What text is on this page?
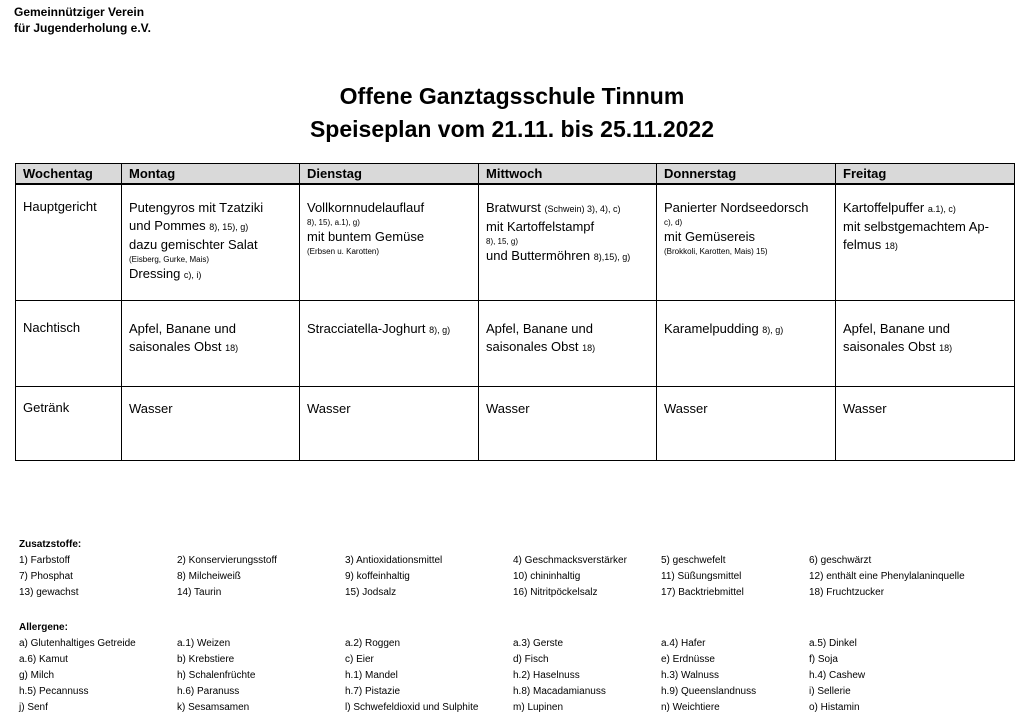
Gemeinnütziger Verein
für Jugenderholung e.V.
Offene Ganztagsschule Tinnum
Speiseplan vom 21.11. bis 25.11.2022
Wochentag	Montag	Dienstag	Mittwoch	Donnerstag	Freitag
Hauptgericht	Putengyros mit Tzatziki
und Pommes 8), 15), g)
dazu gemischter Salat
(Eisberg, Gurke, Mais)
Dressing c), i)	Vollkornnudelauflauf
8), 15), a.1), g)
mit buntem Gemüse
(Erbsen u. Karotten)	Bratwurst (Schwein) 3), 4), c)
mit Kartoffelstampf
8), 15, g)
und Buttermöhren 8),15), g)	Panierter Nordseedorsch
c), d)
mit Gemüsereis
(Brokkoli, Karotten, Mais) 15)	Kartoffelpuffer a.1), c)
mit selbstgemachtem Ap-
felmus 18)

Nachtisch	Apfel, Banane und
saisonales Obst 18)	Stracciatella-Joghurt 8), g)	Apfel, Banane und
saisonales Obst 18)	Karamelpudding 8), g)	Apfel, Banane und
saisonales Obst 18)

Getränk	Wasser	Wasser	Wasser	Wasser	Wasser
Zusatzstoffe:
1) Farbstoff	2) Konservierungsstoff	3) Antioxidationsmittel	4) Geschmacksverstärker	5) geschwefelt	6) geschwärzt
7) Phosphat	8) Milcheiweiß	9) koffeinhaltig	10) chininhaltig	11) Süßungsmittel	12) enthält eine Phenylalaninquelle
13) gewachst	14) Taurin	15) Jodsalz	16) Nitritpöckelsalz	17) Backtriebmittel	18) Fruchtzucker
Allergene:
a) Glutenhaltiges Getreide	a.1) Weizen	a.2) Roggen	a.3) Gerste	a.4) Hafer	a.5) Dinkel
a.6) Kamut	b) Krebstiere	c) Eier	d) Fisch	e) Erdnüsse	f) Soja
g) Milch	h) Schalenfrüchte	h.1) Mandel	h.2) Haselnuss	h.3) Walnuss	h.4) Cashew
h.5) Pecannuss	h.6) Paranuss	h.7) Pistazie	h.8) Macadamianuss	h.9) Queenslandnuss	i) Sellerie
j) Senf	k) Sesamsamen	l) Schwefeldioxid und Sulphite	m) Lupinen	n) Weichtiere	o) Histamin
